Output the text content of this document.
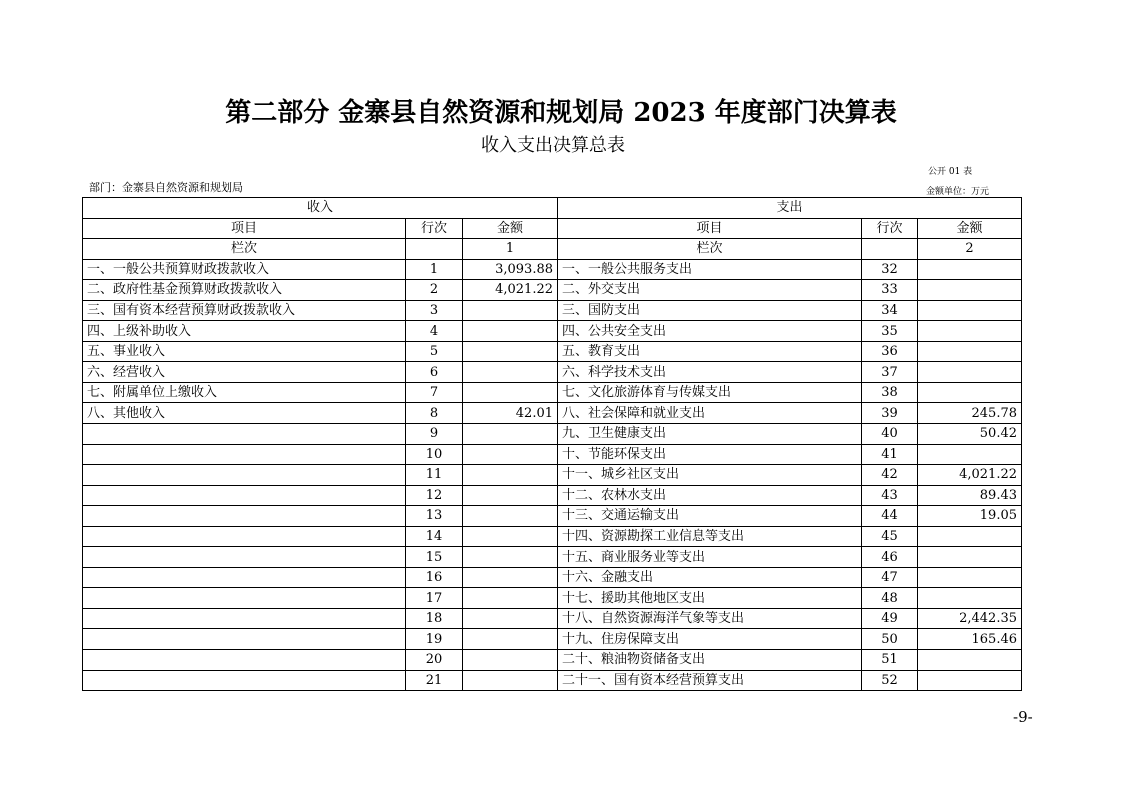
第二部分 金寨县自然资源和规划局 2023 年度部门决算表
收入支出决算总表
公开 01 表
部门：金寨县自然资源和规划局	金额单位：万元
收入			支出		
项目	行次	金额	项目	行次	金额
栏次		1	栏次		2
一、一般公共预算财政拨款收入	1	3,093.88	一、一般公共服务支出	32	
二、政府性基金预算财政拨款收入	2	4,021.22	二、外交支出	33	
三、国有资本经营预算财政拨款收入	3		三、国防支出	34	
四、上级补助收入	4		四、公共安全支出	35	
五、事业收入	5		五、教育支出	36	
六、经营收入	6		六、科学技术支出	37	
七、附属单位上缴收入	7		七、文化旅游体育与传媒支出	38	
八、其他收入	8	42.01	八、社会保障和就业支出	39	245.78
	9		九、卫生健康支出	40	50.42
	10		十、节能环保支出	41	
	11		十一、城乡社区支出	42	4,021.22
	12		十二、农林水支出	43	89.43
	13		十三、交通运输支出	44	19.05
	14		十四、资源勘探工业信息等支出	45	
	15		十五、商业服务业等支出	46	
	16		十六、金融支出	47	
	17		十七、援助其他地区支出	48	
	18		十八、自然资源海洋气象等支出	49	2,442.35
	19		十九、住房保障支出	50	165.46
	20		二十、粮油物资储备支出	51	
	21		二十一、国有资本经营预算支出	52	
-9-
